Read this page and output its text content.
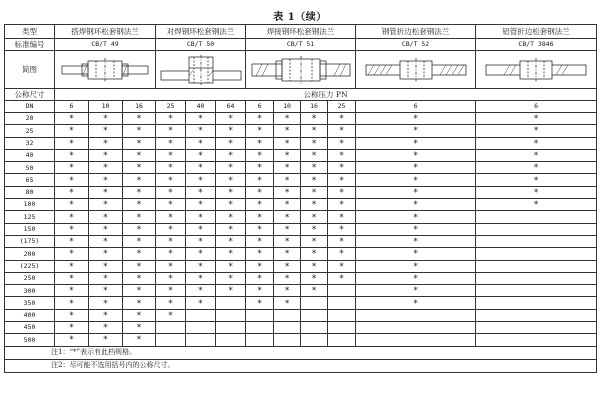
表 1（续）
类型	搭焊钢环松套钢法兰			对焊钢环松套钢法兰			焊接钢环松套钢法兰				钢管折边松套钢法兰	铝管折边松套钢法兰
标准编号	CB/T 49			CB/T 50			CB/T 51				CB/T 52	CB/T 3846
简图	

公称尺寸	公称压力 PN											
DN	6	10	16	25	40	64	6	10	16	25	6	6
20	*	*	*	*	*	*	*	*	*	*	*	*
25	*	*	*	*	*	*	*	*	*	*	*	*
32	*	*	*	*	*	*	*	*	*	*	*	*
40	*	*	*	*	*	*	*	*	*	*	*	*
50	*	*	*	*	*	*	*	*	*	*	*	*
65	*	*	*	*	*	*	*	*	*	*	*	*
80	*	*	*	*	*	*	*	*	*	*	*	*
100	*	*	*	*	*	*	*	*	*	*	*	*
125	*	*	*	*	*	*	*	*	*	*	*	
150	*	*	*	*	*	*	*	*	*	*	*	
(175)	*	*	*	*	*	*	*	*	*	*	*	
200	*	*	*	*	*	*	*	*	*	*	*	
(225)	*	*	*	*	*	*	*	*	*	*	*	
250	*	*	*	*	*	*	*	*	*	*	*	
300	*	*	*	*	*	*	*	*	*		*	
350	*	*	*	*	*		*	*			*	
400	*	*	*	*								
450	*	*	*									
500	*	*	*									
注1：“*”表示有此档规格。												
注2：尽可能不选用括号内的公称尺寸。												
